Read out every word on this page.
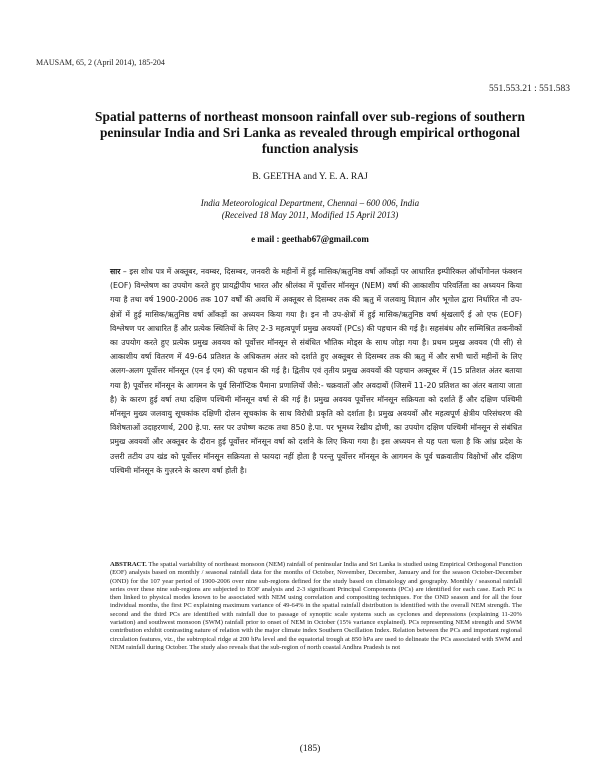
MAUSAM, 65, 2 (April 2014), 185-204
551.553.21 : 551.583
Spatial patterns of northeast monsoon rainfall over sub-regions of southern peninsular India and Sri Lanka as revealed through empirical orthogonal function analysis
B. GEETHA and Y. E. A. RAJ
India Meteorological Department, Chennai – 600 006, India
(Received 18 May 2011, Modified 15 April 2013)
e mail : geethab67@gmail.com
सार – इस शोध पत्र में अक्तूबर, नवम्बर, दिसम्बर, जनवरी के महीनों में हुई मासिक/ऋतुनिष्ठ वर्षा आँकड़ों पर आधारित इम्पीरिकल ऑर्थोगोनल फंक्शन (EOF) विश्लेषण का उपयोग करते हुए प्रायद्वीपीय भारत और श्रीलंका में पूर्वोत्तर मॉनसून (NEM) वर्षा की आकाशीय परिवर्तिता का अध्ययन किया गया है तथा वर्ष 1900-2006 तक 107 वर्षों की अवधि में अक्तूबर से दिसम्बर तक की ऋतु में जलवायु विज्ञान और भूगोल द्वारा निर्धारित नौ उप-क्षेत्रों में हुई मासिक/ऋतुनिष्ठ वर्षा आँकड़ों का अध्ययन किया गया है। इन नौ उप-क्षेत्रों में हुई मासिक/ऋतुनिष्ठ वर्षा श्रृंखलाएँ ई ओ एफ (EOF) विश्लेषण पर आधारित हैं और प्रत्येक स्थितियों के लिए 2-3 महत्वपूर्ण प्रमुख अवयवों (PCs) की पहचान की गई है। सहसंबंध और सम्मिश्रित तकनीकों का उपयोग करते हुए प्रत्येक प्रमुख अवयव को पूर्वोत्तर मॉनसून से संबंधित भौतिक मोड्स के साथ जोड़ा गया है। प्रथम प्रमुख अवयव (पी सी) से आकाशीय वर्षा वितरण में 49-64 प्रतिशत के अधिकतम अंतर को दर्शाते हुए अक्तूबर से दिसम्बर तक की ऋतु में और सभी चारों महीनों के लिए अलग-अलग पूर्वोत्तर मॉनसून (एन ई एम) की पहचान की गई है। द्वितीय एवं तृतीय प्रमुख अवयवों की पहचान अक्तूबर में (15 प्रतिशत अंतर बताया गया है) पूर्वोत्तर मॉनसून के आगमन के पूर्व सिनॉप्टिक पैमाना प्रणालियों जैसे:- चक्रवातों और अवदाबों (जिसमें 11-20 प्रतिशत का अंतर बताया जाता है) के कारण हुई वर्षा तथा दक्षिण पश्चिमी मॉनसून वर्षा से की गई है। प्रमुख अवयव पूर्वोत्तर मॉनसून सक्रियता को दर्शाते हैं और दक्षिण पश्चिमी मॉनसून मुख्य जलवायु सूचकांक दक्षिणी दोलन सूचकांक के साथ विरोधी प्रकृति को दर्शाता है। प्रमुख अवयवों और महत्वपूर्ण क्षेत्रीय परिसंचरण की विशेषताओं उदाहरणार्थ, 200 हे.पा. स्तर पर उपोष्ण कटक तथा 850 हे.पा. पर भूमध्य रेखीय द्रोणी, का उपयोग दक्षिण पश्चिमी मॉनसून से संबंधित प्रमुख अवयवों और अक्तूबर के दौरान हुई पूर्वोत्तर मॉनसून वर्षा को दर्शाने के लिए किया गया है। इस अध्ययन से यह पता चला है कि आंध्र प्रदेश के उत्तरी तटीय उप खंड को पूर्वोत्तर मॉनसून सक्रियता से फायदा नहीं होता है परन्तु पूर्वोत्तर मॉनसून के आगमन के पूर्व चक्रवातीय विक्षोभों और दक्षिण पश्चिमी मॉनसून के गुज़रने के कारण वर्षा होती है।
ABSTRACT. The spatial variability of northeast monsoon (NEM) rainfall of peninsular India and Sri Lanka is studied using Empirical Orthogonal Function (EOF) analysis based on monthly / seasonal rainfall data for the months of October, November, December, January and for the season October-December (OND) for the 107 year period of 1900-2006 over nine sub-regions defined for the study based on climatology and geography. Monthly / seasonal rainfall series over these nine sub-regions are subjected to EOF analysis and 2-3 significant Principal Components (PCs) are identified for each case. Each PC is then linked to physical modes known to be associated with NEM using correlation and compositing techniques. For the OND season and for all the four individual months, the first PC explaining maximum variance of 49-64% in the spatial rainfall distribution is identified with the overall NEM strength. The second and the third PCs are identified with rainfall due to passage of synoptic scale systems such as cyclones and depressions (explaining 11-20% variation) and southwest monsoon (SWM) rainfall prior to onset of NEM in October (15% variance explained). PCs representing NEM strength and SWM contribution exhibit contrasting nature of relation with the major climate index Southern Oscillation Index. Relation between the PCs and important regional circulation features, viz., the subtropical ridge at 200 hPa level and the equatorial trough at 850 hPa are used to delineate the PCs associated with SWM and NEM rainfall during October. The study also reveals that the sub-region of north coastal Andhra Pradesh is not
(185)
